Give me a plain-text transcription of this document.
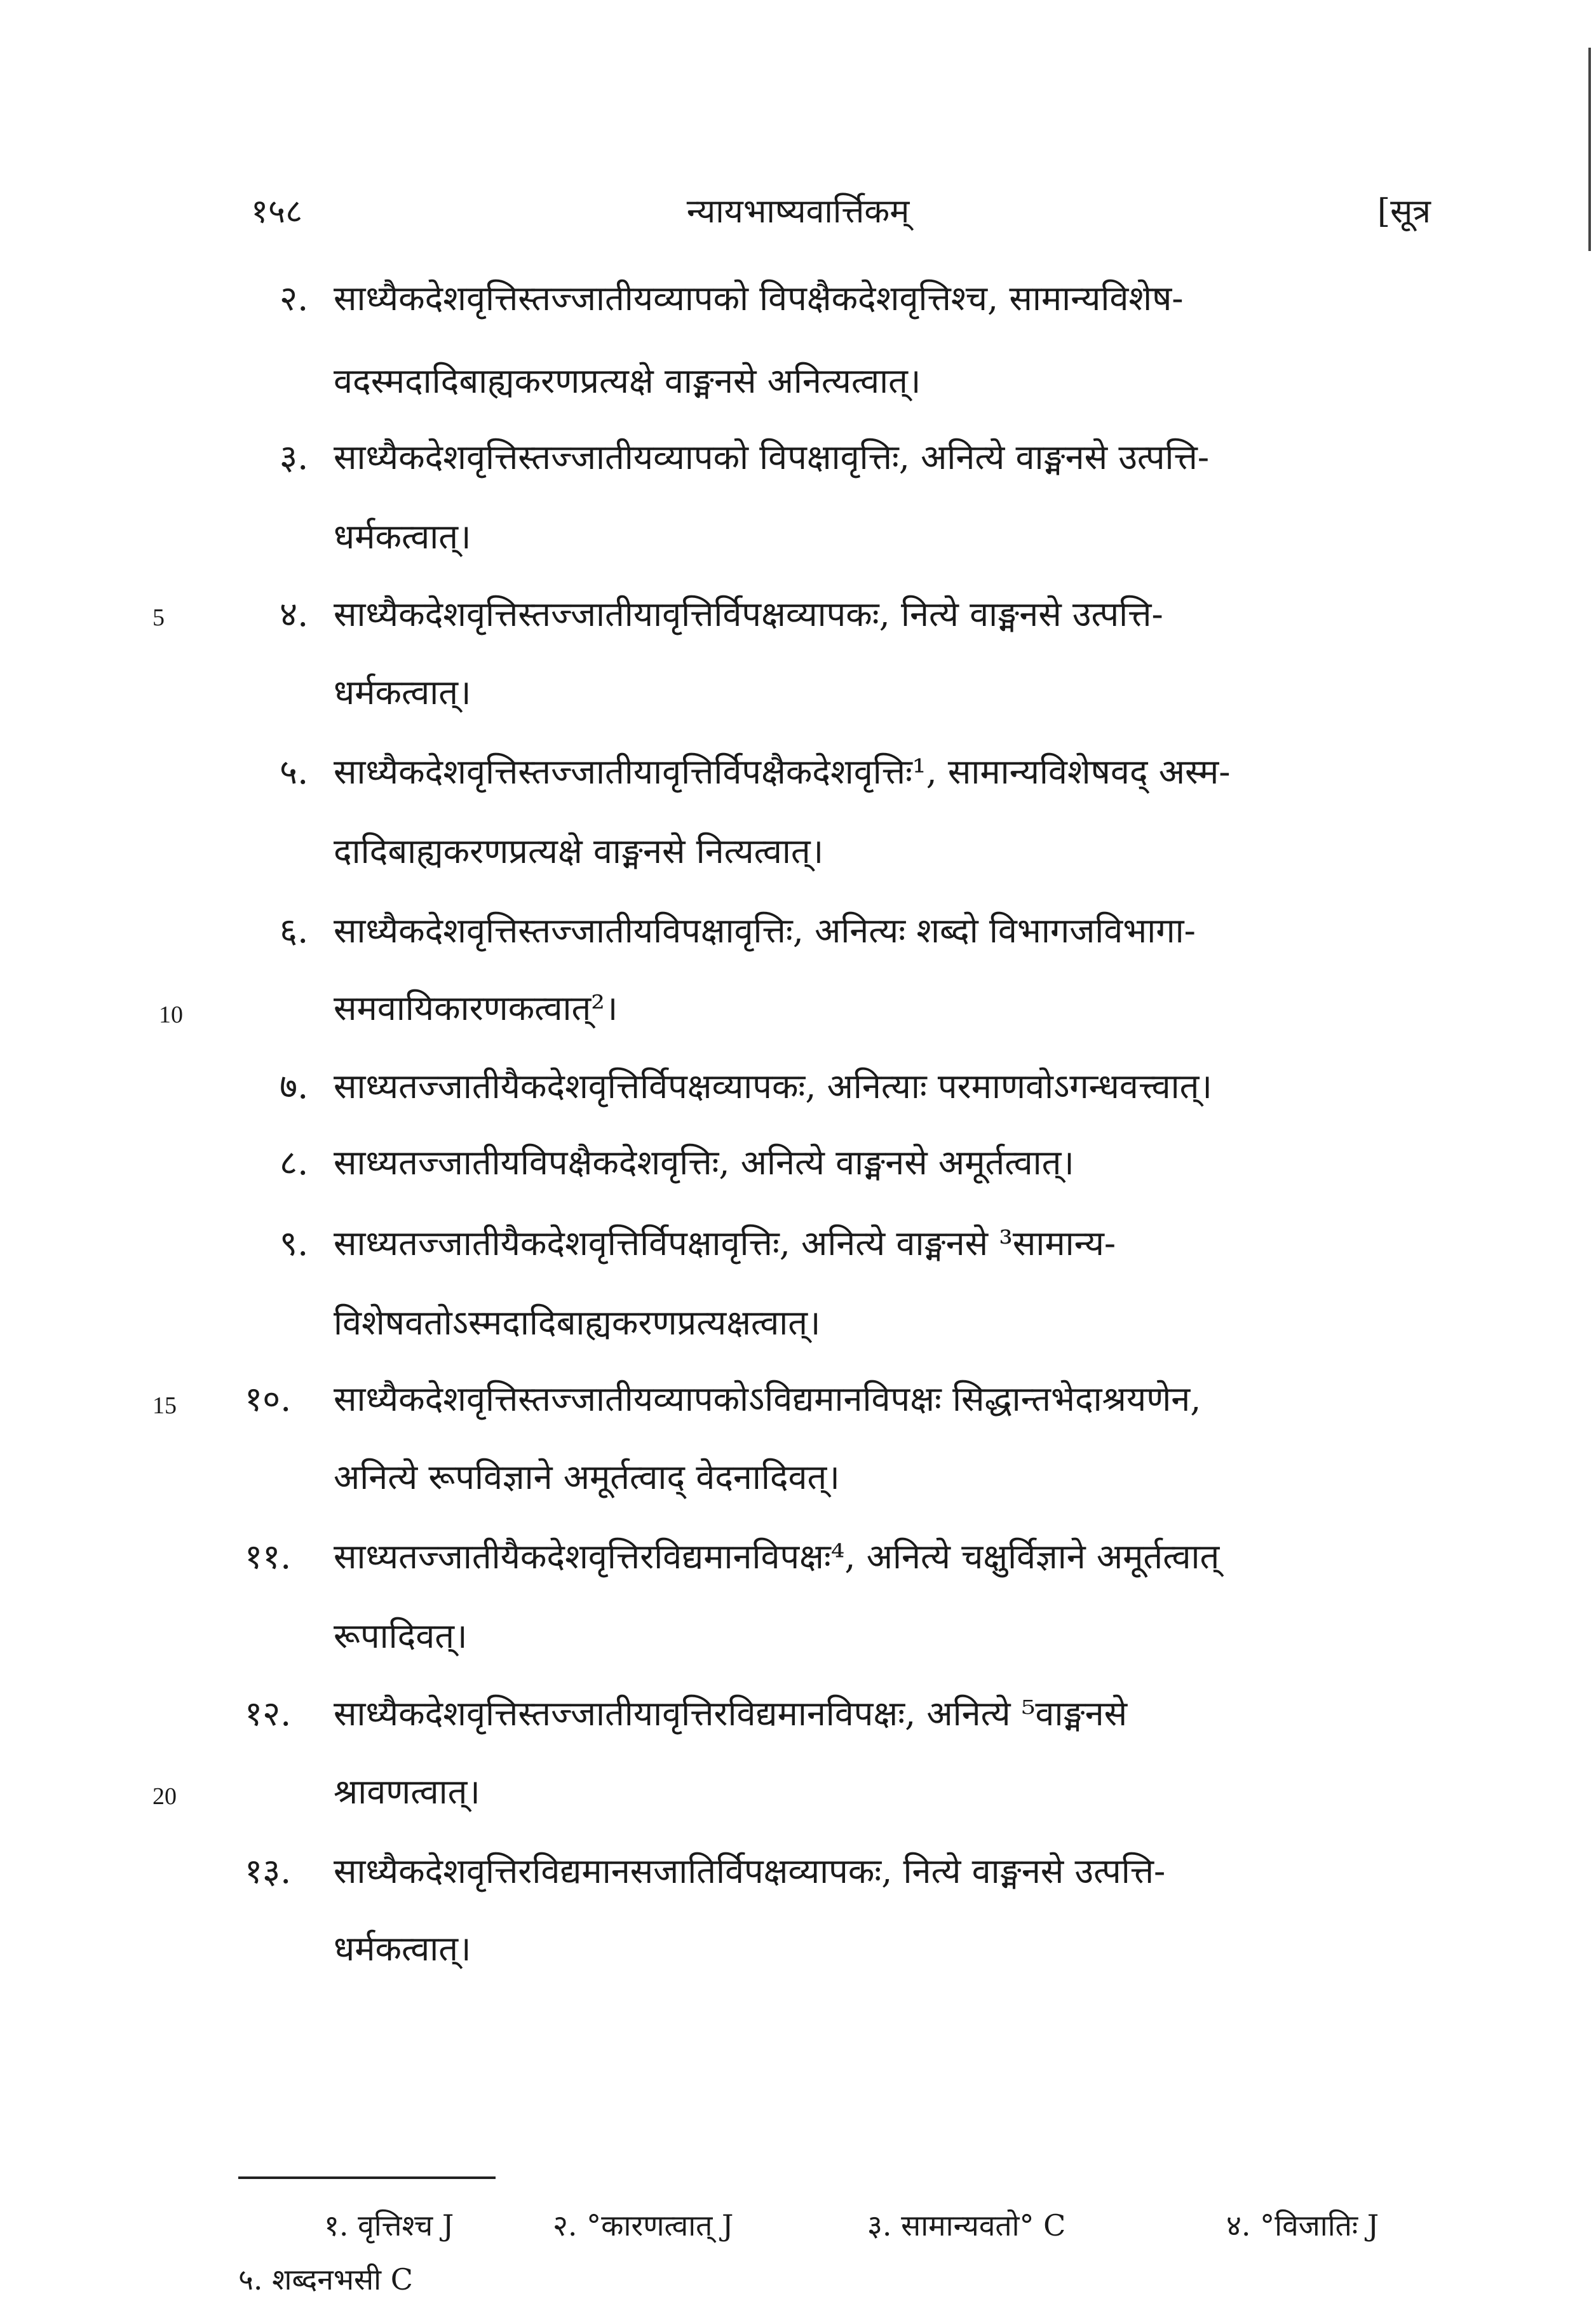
१५८	न्यायभाष्यवार्त्तिकम्	[सूत्र
२. साध्यैकदेशवृत्तिस्तज्जातीयव्यापको विपक्षैकदेशवृत्तिश्च, सामान्यविशेष-
वदस्मदादिबाह्यकरणप्रत्यक्षे वाङ्मनसे अनित्यत्वात्।
३. साध्यैकदेशवृत्तिस्तज्जातीयव्यापको विपक्षावृत्तिः, अनित्ये वाङ्मनसे उत्पत्ति-
धर्मकत्वात्।
5	४. साध्यैकदेशवृत्तिस्तज्जातीयावृत्तिर्विपक्षव्यापकः, नित्ये वाङ्मनसे उत्पत्ति-
धर्मकत्वात्।
५. साध्यैकदेशवृत्तिस्तज्जातीयावृत्तिर्विपक्षैकदेशवृत्तिः¹, सामान्यविशेषवद् अस्म-
दादिबाह्यकरणप्रत्यक्षे वाङ्मनसे नित्यत्वात्।
६. साध्यैकदेशवृत्तिस्तज्जातीयविपक्षावृत्तिः, अनित्यः शब्दो विभागजविभागा-
10	समवायिकारणकत्वात्²।
७. साध्यतज्जातीयैकदेशवृत्तिर्विपक्षव्यापकः, अनित्याः परमाणवोऽगन्धवत्त्वात्।
८. साध्यतज्जातीयविपक्षैकदेशवृत्तिः, अनित्ये वाङ्मनसे अमूर्तत्वात्।
९. साध्यतज्जातीयैकदेशवृत्तिर्विपक्षावृत्तिः, अनित्ये वाङ्मनसे ³सामान्य-
विशेषवतोऽस्मदादिबाह्यकरणप्रत्यक्षत्वात्।
15 १०. साध्यैकदेशवृत्तिस्तज्जातीयव्यापकोऽविद्यमानविपक्षः सिद्धान्तभेदाश्रयणेन,
अनित्ये रूपविज्ञाने अमूर्तत्वाद् वेदनादिवत्।
११. साध्यतज्जातीयैकदेशवृत्तिरविद्यमानविपक्षः⁴, अनित्ये चक्षुर्विज्ञाने अमूर्तत्वात्
रूपादिवत्।
१२. साध्यैकदेशवृत्तिस्तज्जातीयावृत्तिरविद्यमानविपक्षः, अनित्ये ⁵वाङ्मनसे
20	श्रावणत्वात्।
१३. साध्यैकदेशवृत्तिरविद्यमानसजातिर्विपक्षव्यापकः, नित्ये वाङ्मनसे उत्पत्ति-
धर्मकत्वात्।
१. वृत्तिश्च J	२. °कारणत्वात् J	३. सामान्यवतो° C	४. °विजातिः J
५. शब्दनभसी C
